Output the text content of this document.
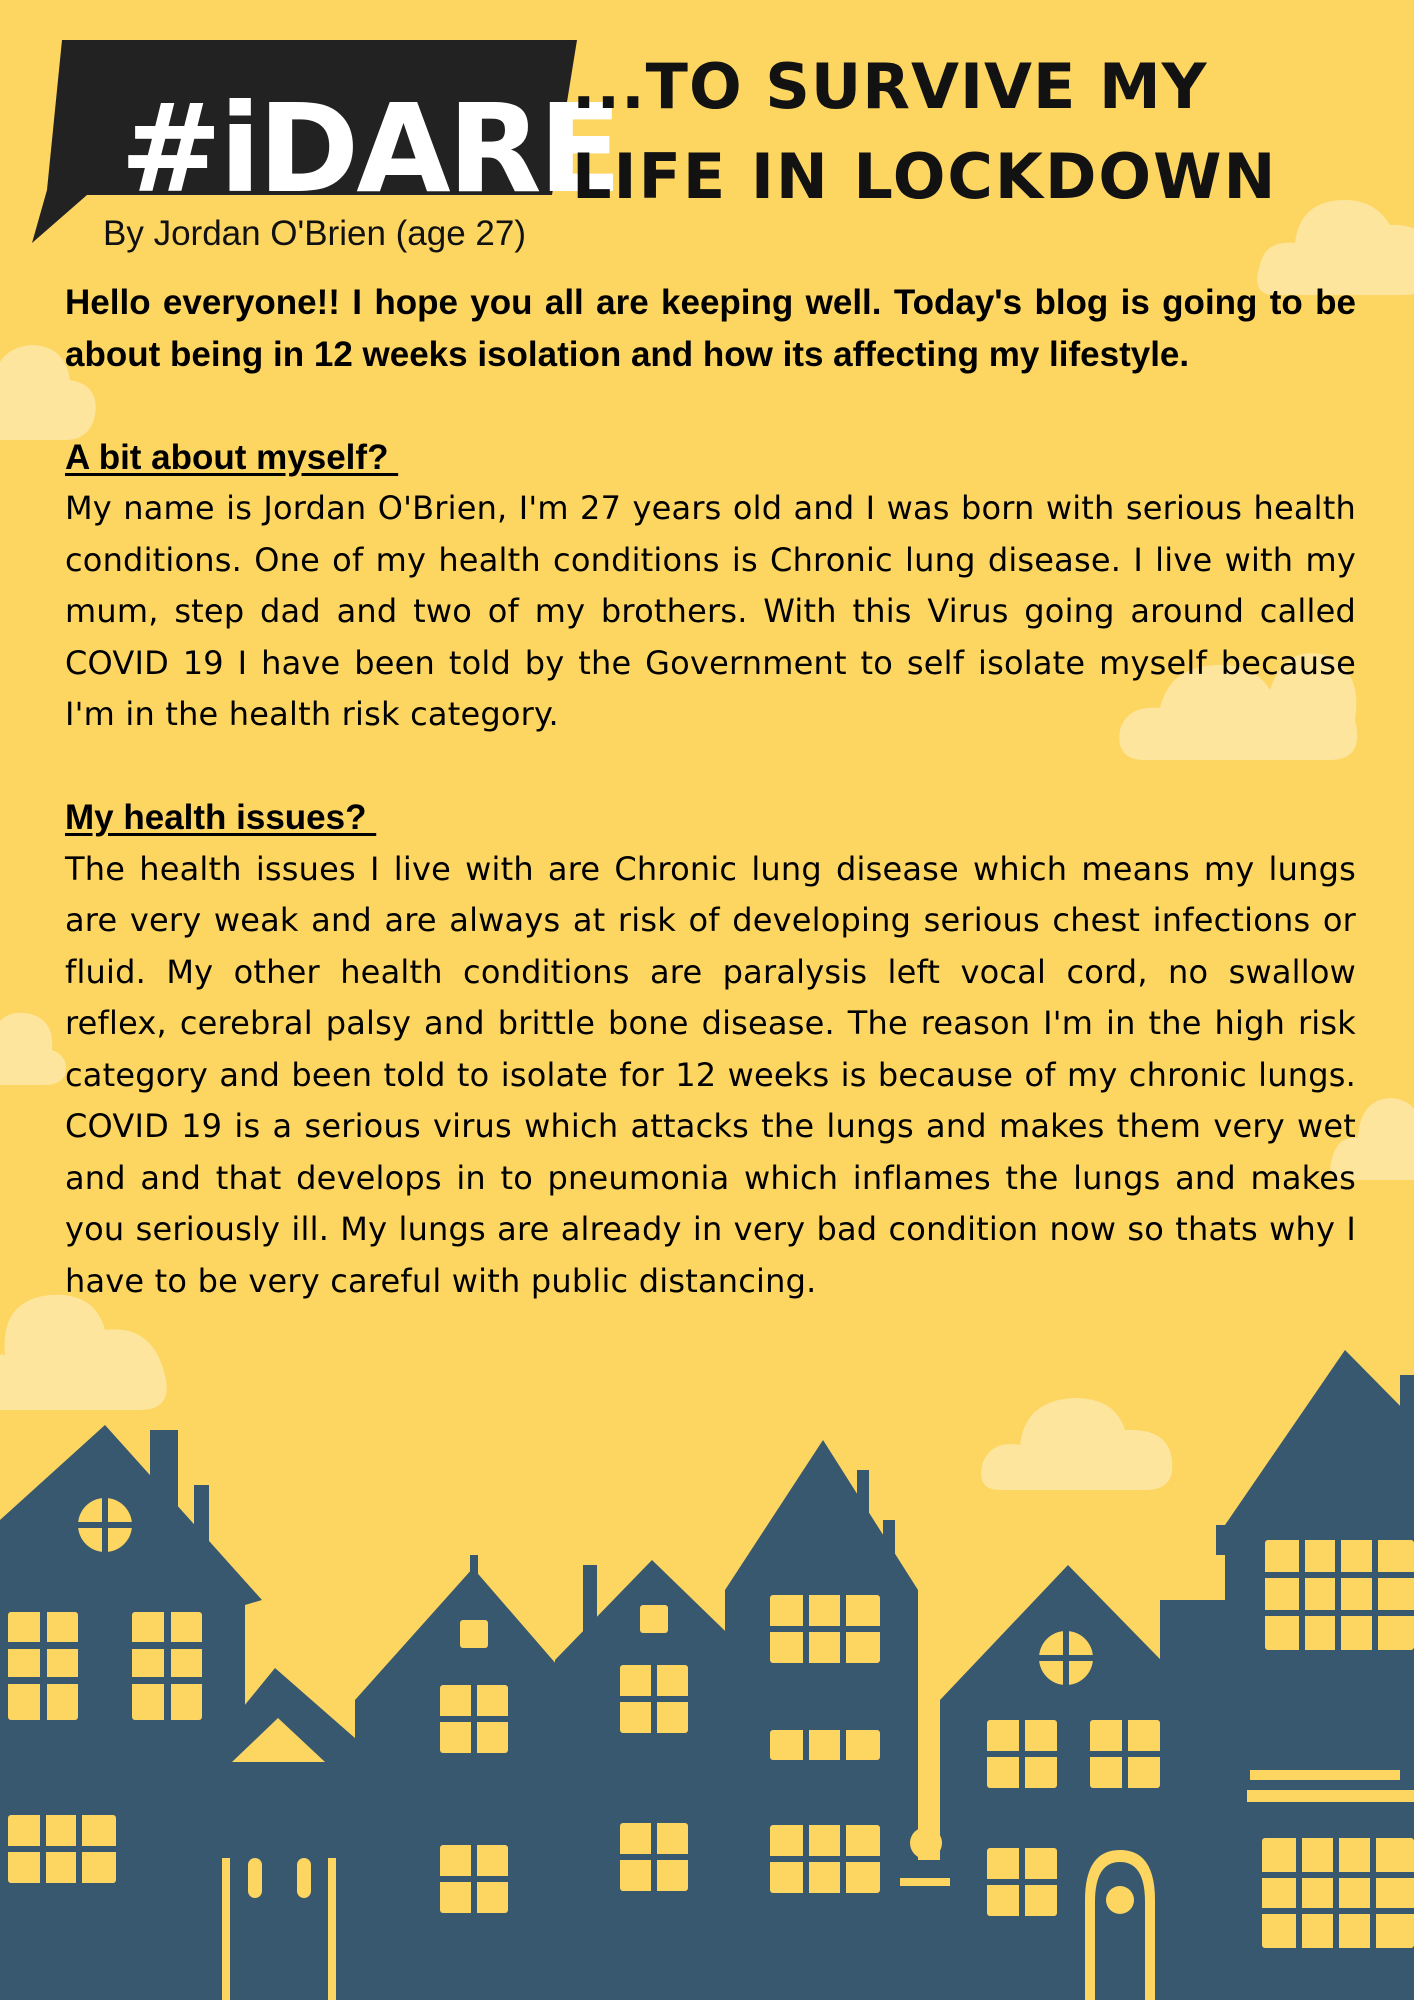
#iDARE
...TO SURVIVE MY
LIFE IN LOCKDOWN
By Jordan O'Brien (age 27)

Hello everyone!! I hope you all are keeping well. Today's blog is going to be about being in 12 weeks isolation and how its affecting my lifestyle.

A bit about myself?

My name is Jordan O'Brien, I'm 27 years old and I was born with serious health conditions. One of my health conditions is Chronic lung disease. I live with my mum, step dad and two of my brothers. With this Virus going around called COVID 19 I have been told by the Government to self isolate myself because I'm in the health risk category.

My health issues?

The health issues I live with are Chronic lung disease which means my lungs are very weak and are always at risk of developing serious chest infections or fluid. My other health conditions are paralysis left vocal cord, no swallow reflex, cerebral palsy and brittle bone disease. The reason I'm in the high risk category and been told to isolate for 12 weeks is because of my chronic lungs. COVID 19 is a serious virus which attacks the lungs and makes them very wet and and that develops in to pneumonia which inflames the lungs and makes you seriously ill. My lungs are already in very bad condition now so thats why I have to be very careful with public distancing.
